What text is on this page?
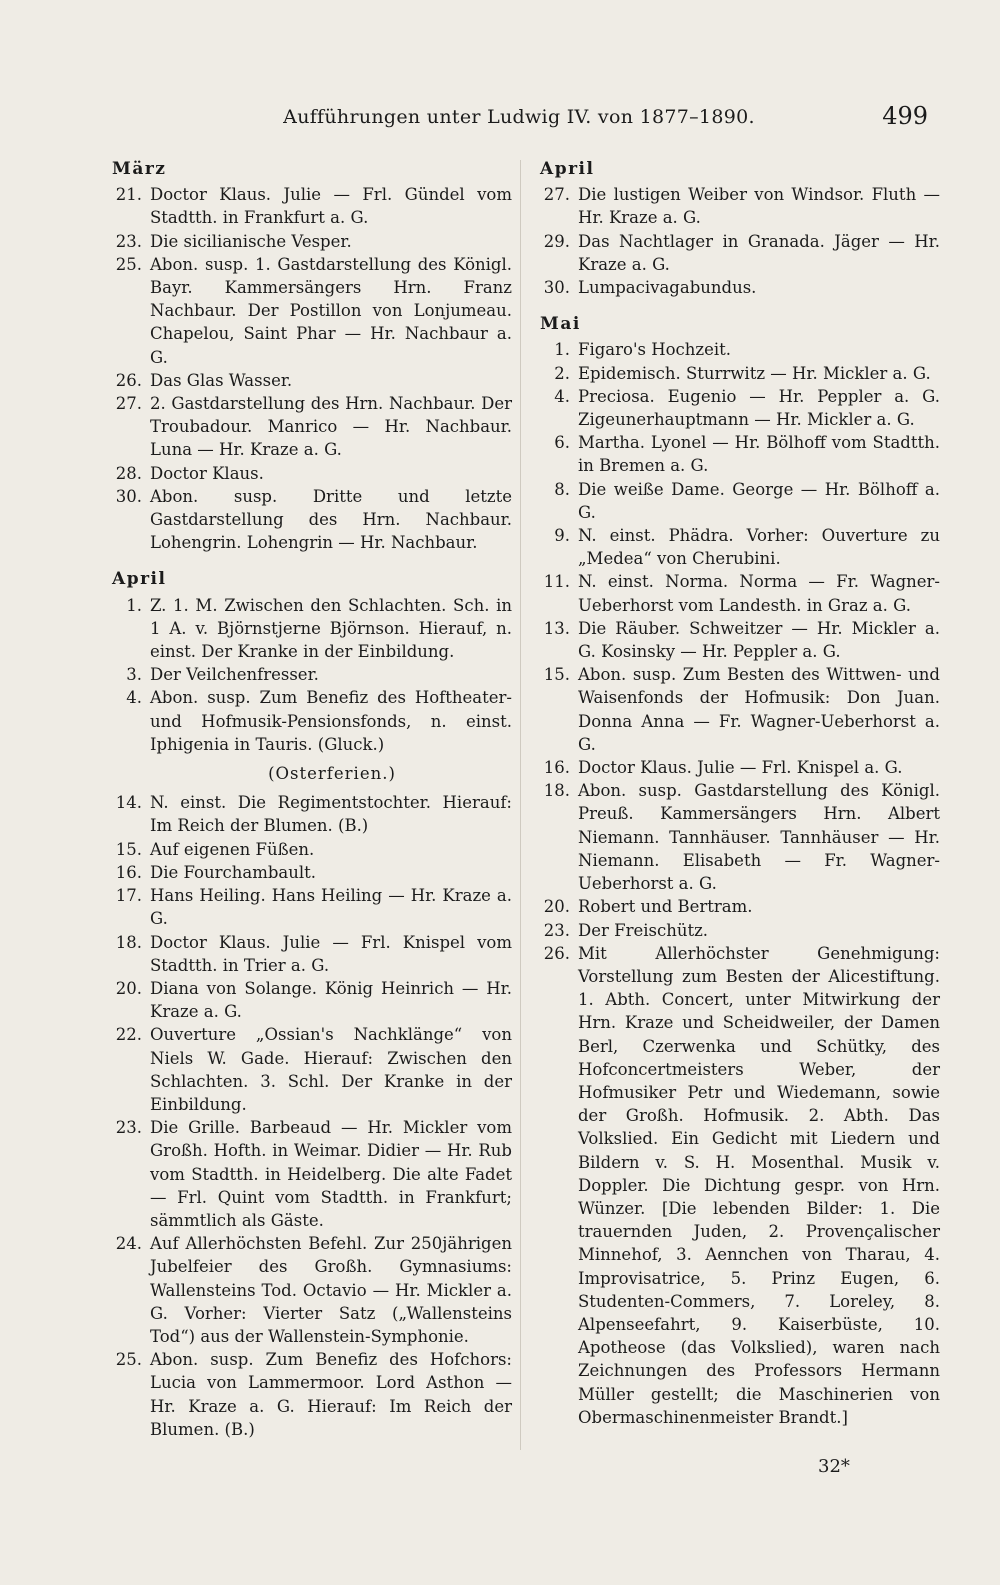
Aufführungen unter Ludwig IV. von 1877–1890.	499
März
21. Doctor Klaus. Julie — Frl. Gündel vom Stadtth. in Frankfurt a. G.
23. Die sicilianische Vesper.
25. Abon. susp. 1. Gastdarstellung des Königl. Bayr. Kammersängers Hrn. Franz Nachbaur. Der Postillon von Lonjumeau. Chapelou, Saint Phar — Hr. Nachbaur a. G.
26. Das Glas Wasser.
27. 2. Gastdarstellung des Hrn. Nachbaur. Der Troubadour. Manrico — Hr. Nachbaur. Luna — Hr. Kraze a. G.
28. Doctor Klaus.
30. Abon. susp. Dritte und letzte Gastdarstellung des Hrn. Nachbaur. Lohengrin. Lohengrin — Hr. Nachbaur.
April
1. Z. 1. M. Zwischen den Schlachten. Sch. in 1 A. v. Björnstjerne Björnson. Hierauf, n. einst. Der Kranke in der Einbildung.
3. Der Veilchenfresser.
4. Abon. susp. Zum Benefiz des Hoftheater- und Hofmusik-Pensionsfonds, n. einst. Iphigenia in Tauris. (Gluck.)
(Osterferien.)
14. N. einst. Die Regimentstochter. Hierauf: Im Reich der Blumen. (B.)
15. Auf eigenen Füßen.
16. Die Fourchambault.
17. Hans Heiling. Hans Heiling — Hr. Kraze a. G.
18. Doctor Klaus. Julie — Frl. Knispel vom Stadtth. in Trier a. G.
20. Diana von Solange. König Heinrich — Hr. Kraze a. G.
22. Ouverture „Ossian's Nachklänge“ von Niels W. Gade. Hierauf: Zwischen den Schlachten. 3. Schl. Der Kranke in der Einbildung.
23. Die Grille. Barbeaud — Hr. Mickler vom Großh. Hofth. in Weimar. Didier — Hr. Rub vom Stadtth. in Heidelberg. Die alte Fadet — Frl. Quint vom Stadtth. in Frankfurt; sämmtlich als Gäste.
24. Auf Allerhöchsten Befehl. Zur 250jährigen Jubelfeier des Großh. Gymnasiums: Wallensteins Tod. Octavio — Hr. Mickler a. G. Vorher: Vierter Satz („Wallensteins Tod“) aus der Wallenstein-Symphonie.
25. Abon. susp. Zum Benefiz des Hofchors: Lucia von Lammermoor. Lord Asthon — Hr. Kraze a. G. Hierauf: Im Reich der Blumen. (B.)
April
27. Die lustigen Weiber von Windsor. Fluth — Hr. Kraze a. G.
29. Das Nachtlager in Granada. Jäger — Hr. Kraze a. G.
30. Lumpacivagabundus.
Mai
1. Figaro's Hochzeit.
2. Epidemisch. Sturrwitz — Hr. Mickler a. G.
4. Preciosa. Eugenio — Hr. Peppler a. G. Zigeunerhauptmann — Hr. Mickler a. G.
6. Martha. Lyonel — Hr. Bölhoff vom Stadtth. in Bremen a. G.
8. Die weiße Dame. George — Hr. Bölhoff a. G.
9. N. einst. Phädra. Vorher: Ouverture zu „Medea“ von Cherubini.
11. N. einst. Norma. Norma — Fr. Wagner-Ueberhorst vom Landesth. in Graz a. G.
13. Die Räuber. Schweitzer — Hr. Mickler a. G. Kosinsky — Hr. Peppler a. G.
15. Abon. susp. Zum Besten des Wittwen- und Waisenfonds der Hofmusik: Don Juan. Donna Anna — Fr. Wagner-Ueberhorst a. G.
16. Doctor Klaus. Julie — Frl. Knispel a. G.
18. Abon. susp. Gastdarstellung des Königl. Preuß. Kammersängers Hrn. Albert Niemann. Tannhäuser. Tannhäuser — Hr. Niemann. Elisabeth — Fr. Wagner-Ueberhorst a. G.
20. Robert und Bertram.
23. Der Freischütz.
26. Mit Allerhöchster Genehmigung: Vorstellung zum Besten der Alicestiftung. 1. Abth. Concert, unter Mitwirkung der Hrn. Kraze und Scheidweiler, der Damen Berl, Czerwenka und Schütky, des Hofconcertmeisters Weber, der Hofmusiker Petr und Wiedemann, sowie der Großh. Hofmusik. 2. Abth. Das Volkslied. Ein Gedicht mit Liedern und Bildern v. S. H. Mosenthal. Musik v. Doppler. Die Dichtung gespr. von Hrn. Wünzer. [Die lebenden Bilder: 1. Die trauernden Juden, 2. Provençalischer Minnehof, 3. Aennchen von Tharau, 4. Improvisatrice, 5. Prinz Eugen, 6. Studenten-Commers, 7. Loreley, 8. Alpenseefahrt, 9. Kaiserbüste, 10. Apotheose (das Volkslied), waren nach Zeichnungen des Professors Hermann Müller gestellt; die Maschinerien von Obermaschinenmeister Brandt.]
32*
